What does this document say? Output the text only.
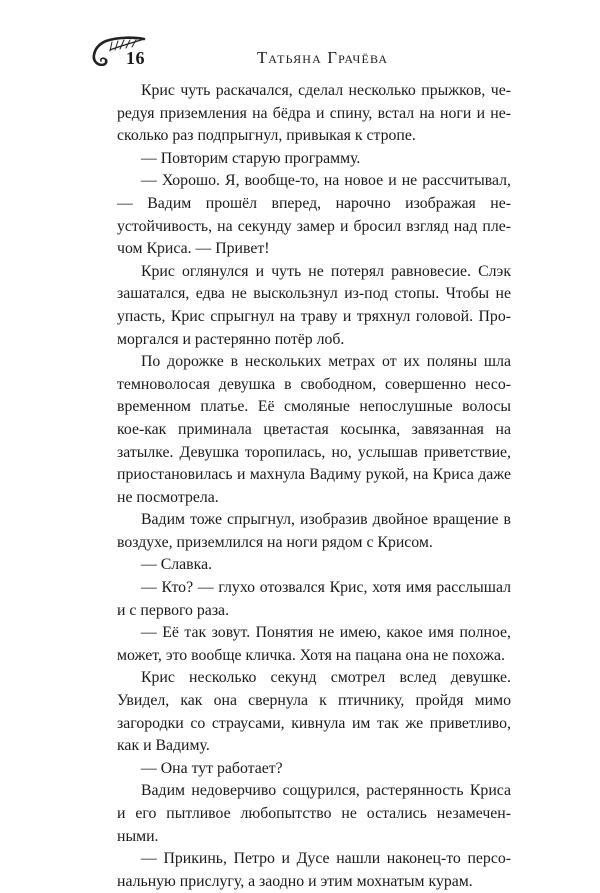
16	Татьяна Грачёва

Крис чуть раскачался, сделал несколько прыжков, чередуя приземления на бёдра и спину, встал на ноги и несколько раз подпрыгнул, привыкая к стропе.

— Повторим старую программу.

— Хорошо. Я, вообще-то, на новое и не рассчитывал, — Вадим прошёл вперед, нарочно изображая неустойчивость, на секунду замер и бросил взгляд над плечом Криса. — Привет!

Крис оглянулся и чуть не потерял равновесие. Слэк зашатался, едва не выскользнул из-под стопы. Чтобы не упасть, Крис спрыгнул на траву и тряхнул головой. Проморгался и растерянно потёр лоб.

По дорожке в нескольких метрах от их поляны шла темноволосая девушка в свободном, совершенно несовременном платье. Её смоляные непослушные волосы кое-как приминала цветастая косынка, завязанная на затылке. Девушка торопилась, но, услышав приветствие, приостановилась и махнула Вадиму рукой, на Криса даже не посмотрела.

Вадим тоже спрыгнул, изобразив двойное вращение в воздухе, приземлился на ноги рядом с Крисом.

— Славка.

— Кто? — глухо отозвался Крис, хотя имя расслышал и с первого раза.

— Её так зовут. Понятия не имею, какое имя полное, может, это вообще кличка. Хотя на пацана она не похожа.

Крис несколько секунд смотрел вслед девушке. Увидел, как она свернула к птичнику, пройдя мимо загородки со страусами, кивнула им так же приветливо, как и Вадиму.

— Она тут работает?

Вадим недоверчиво сощурился, растерянность Криса и его пытливое любопытство не остались незамеченными.

— Прикинь, Петро и Дусе нашли наконец-то персональную прислугу, а заодно и этим мохнатым курам.
